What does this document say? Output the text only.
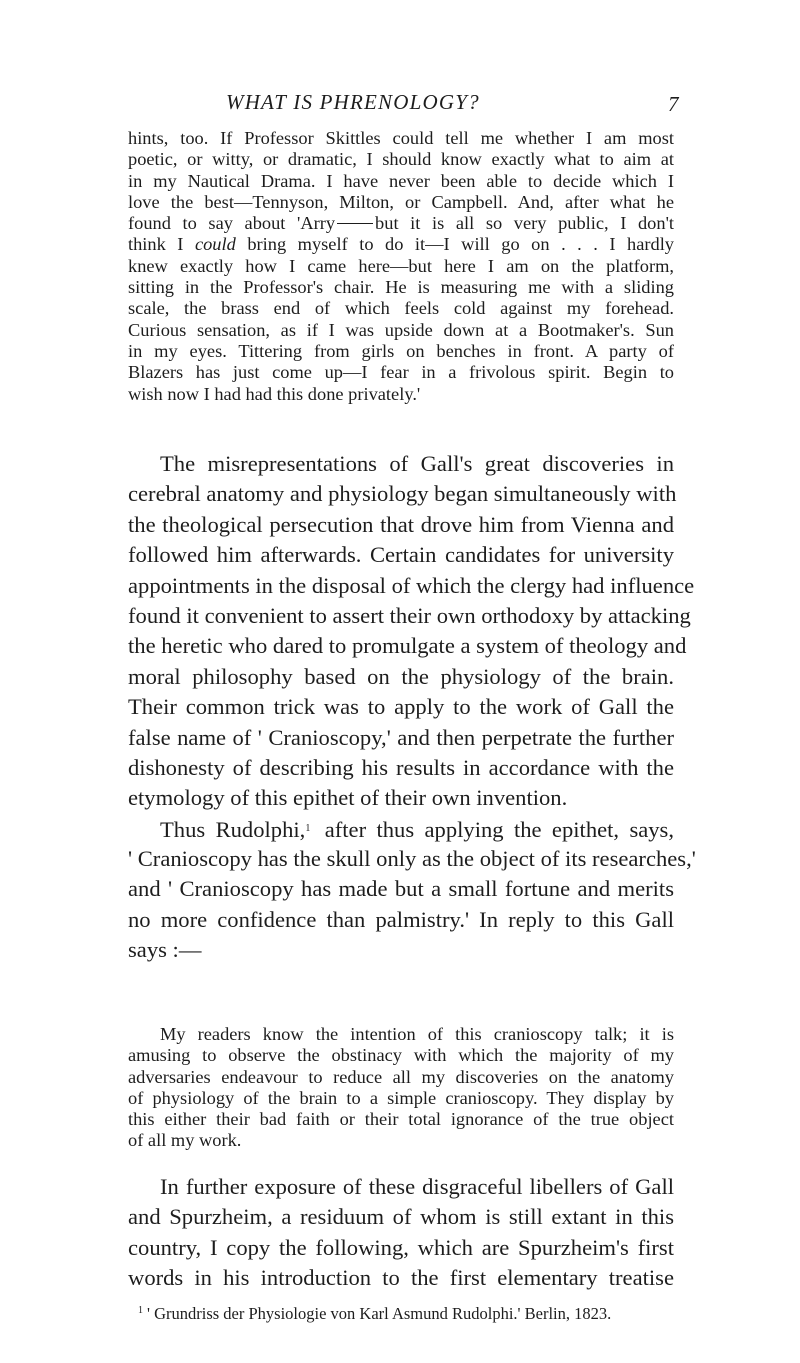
WHAT IS PHRENOLOGY?	7
hints, too. If Professor Skittles could tell me whether I am most
poetic, or witty, or dramatic, I should know exactly what to aim at
in my Nautical Drama. I have never been able to decide which I
love the best—Tennyson, Milton, or Campbell. And, after what he
found to say about 'Arry but it is all so very public, I don't
think I could bring myself to do it—I will go on . . . I hardly
knew exactly how I came here—but here I am on the platform,
sitting in the Professor's chair. He is measuring me with a sliding
scale, the brass end of which feels cold against my forehead.
Curious sensation, as if I was upside down at a Bootmaker's. Sun
in my eyes. Tittering from girls on benches in front. A party of
Blazers has just come up—I fear in a frivolous spirit. Begin to
wish now I had had this done privately.'
The misrepresentations of Gall's great discoveries in
cerebral anatomy and physiology began simultaneously with
the theological persecution that drove him from Vienna and
followed him afterwards. Certain candidates for university
appointments in the disposal of which the clergy had influence
found it convenient to assert their own orthodoxy by attacking
the heretic who dared to promulgate a system of theology and
moral philosophy based on the physiology of the brain.
Their common trick was to apply to the work of Gall the
false name of ' Cranioscopy,' and then perpetrate the further
dishonesty of describing his results in accordance with the
etymology of this epithet of their own invention.
Thus Rudolphi,$^1$ after thus applying the epithet, says,
' Cranioscopy has the skull only as the object of its researches,'
and ' Cranioscopy has made but a small fortune and merits
no more confidence than palmistry.' In reply to this Gall
says :—
My readers know the intention of this cranioscopy talk; it is
amusing to observe the obstinacy with which the majority of my
adversaries endeavour to reduce all my discoveries on the anatomy
of physiology of the brain to a simple cranioscopy. They display by
this either their bad faith or their total ignorance of the true object
of all my work.
In further exposure of these disgraceful libellers of Gall
and Spurzheim, a residuum of whom is still extant in this
country, I copy the following, which are Spurzheim's first
words in his introduction to the first elementary treatise
$^1$ ' Grundriss der Physiologie von Karl Asmund Rudolphi.' Berlin, 1823.
